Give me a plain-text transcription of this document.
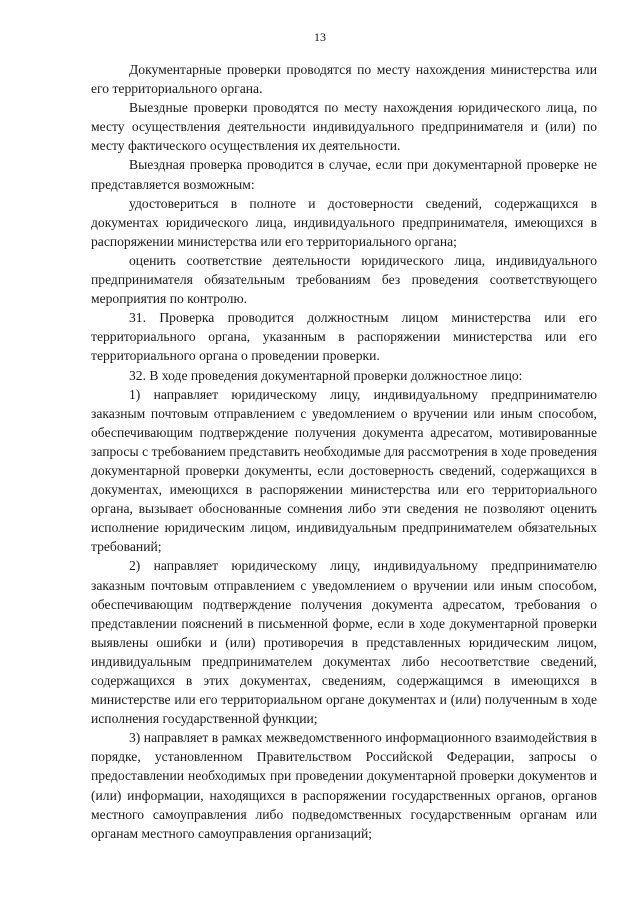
13

Документарные проверки проводятся по месту нахождения министерства или его территориального органа.

Выездные проверки проводятся по месту нахождения юридического лица, по месту осуществления деятельности индивидуального предпринимателя и (или) по месту фактического осуществления их деятельности.

Выездная проверка проводится в случае, если при документарной проверке не представляется возможным:

удостовериться в полноте и достоверности сведений, содержащихся в документах юридического лица, индивидуального предпринимателя, имеющихся в распоряжении министерства или его территориального органа;

оценить соответствие деятельности юридического лица, индивидуального предпринимателя обязательным требованиям без проведения соответствующего мероприятия по контролю.

31. Проверка проводится должностным лицом министерства или его территориального органа, указанным в распоряжении министерства или его территориального органа о проведении проверки.

32. В ходе проведения документарной проверки должностное лицо:

1) направляет юридическому лицу, индивидуальному предпринимателю заказным почтовым отправлением с уведомлением о вручении или иным способом, обеспечивающим подтверждение получения документа адресатом, мотивированные запросы с требованием представить необходимые для рассмотрения в ходе проведения документарной проверки документы, если достоверность сведений, содержащихся в документах, имеющихся в распоряжении министерства или его территориального органа, вызывает обоснованные сомнения либо эти сведения не позволяют оценить исполнение юридическим лицом, индивидуальным предпринимателем обязательных требований;

2) направляет юридическому лицу, индивидуальному предпринимателю заказным почтовым отправлением с уведомлением о вручении или иным способом, обеспечивающим подтверждение получения документа адресатом, требования о представлении пояснений в письменной форме, если в ходе документарной проверки выявлены ошибки и (или) противоречия в представленных юридическим лицом, индивидуальным предпринимателем документах либо несоответствие сведений, содержащихся в этих документах, сведениям, содержащимся в имеющихся в министерстве или его территориальном органе документах и (или) полученным в ходе исполнения государственной функции;

3) направляет в рамках межведомственного информационного взаимодействия в порядке, установленном Правительством Российской Федерации, запросы о предоставлении необходимых при проведении документарной проверки документов и (или) информации, находящихся в распоряжении государственных органов, органов местного самоуправления либо подведомственных государственным органам или органам местного самоуправления организаций;
